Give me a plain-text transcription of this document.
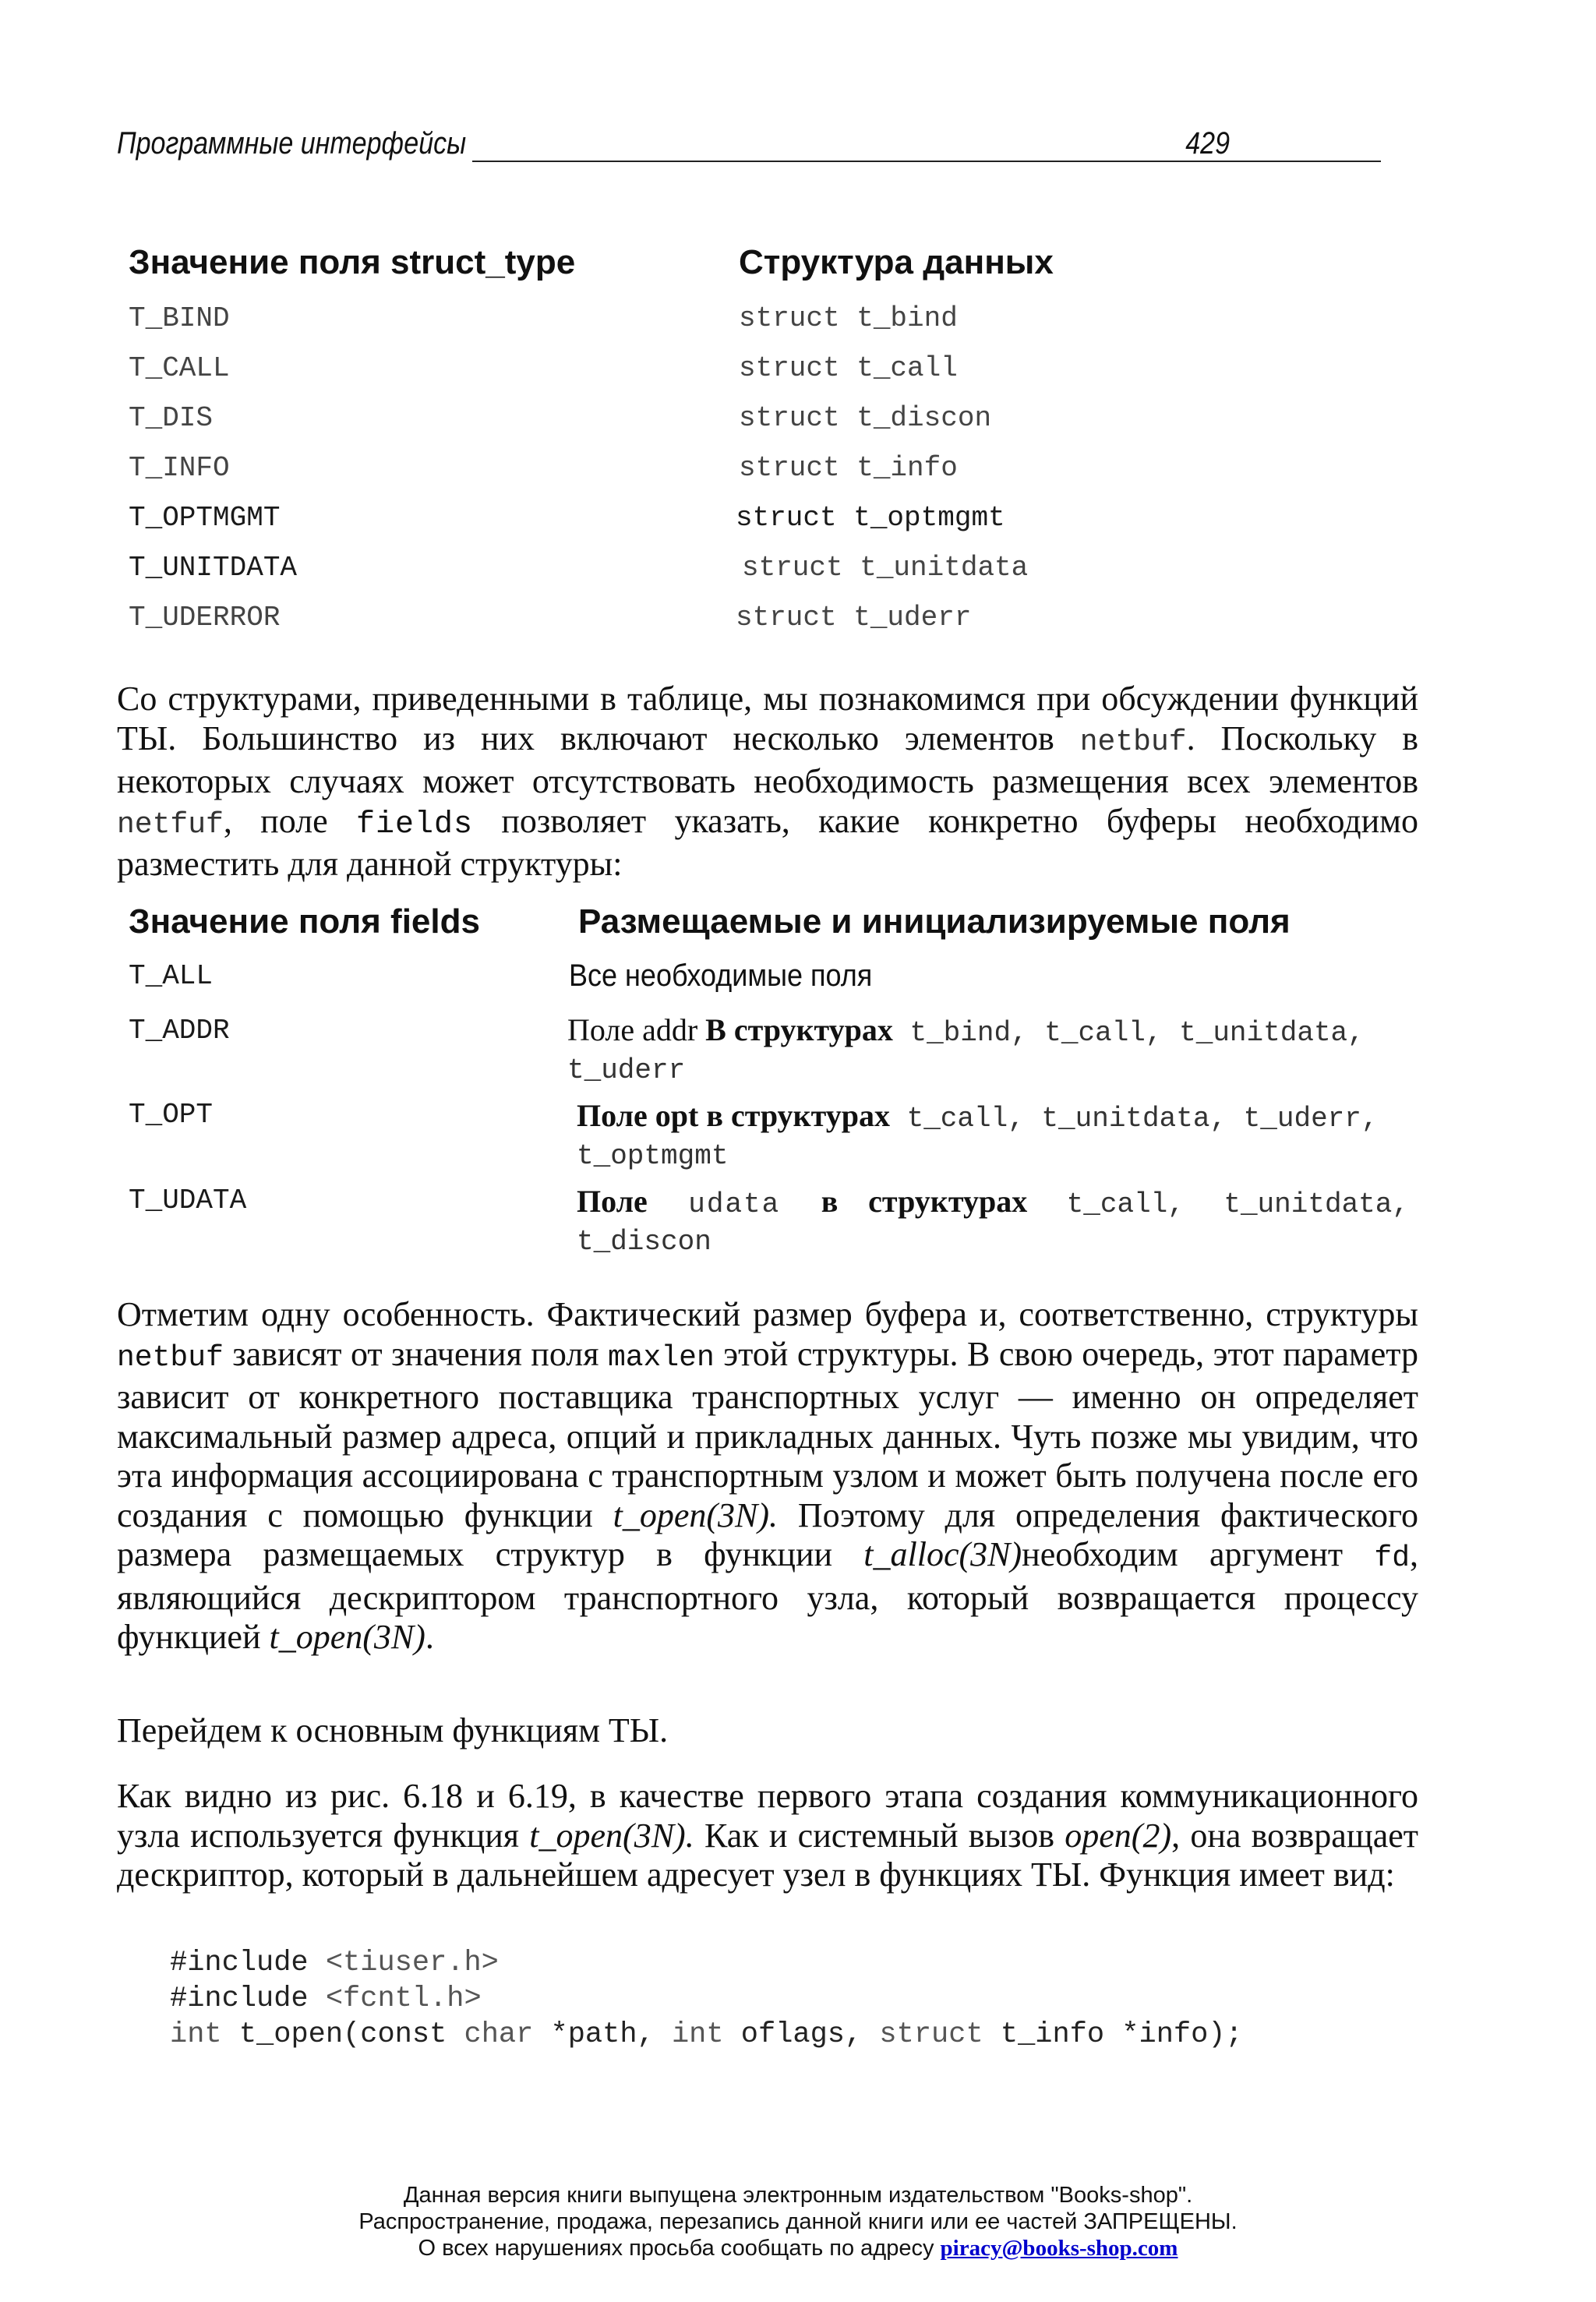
Программные интерфейсы	429
Значение поля struct_type	Структура данных
T_BIND	struct t_bind
T_CALL	struct t_call
T_DIS	struct t_discon
T_INFO	struct t_info
T_OPTMGMT	struct t_optmgmt
T_UNITDATA	struct t_unitdata
T_UDERROR	struct t_uderr

Со структурами, приведенными в таблице, мы познакомимся при обсуждении функций ТЫ. Большинство из них включают несколько элементов netbuf. Поскольку в некоторых случаях может отсутствовать необходимость размещения всех элементов netfuf, поле fields позволяет указать, какие конкретно буферы необходимо разместить для данной структуры:

Значение поля fields	Размещаемые и инициализируемые поля
T_ALL	Все необходимые поля
T_ADDR	Поле addr В структурах t_bind, t_call, t_unitdata, t_uderr
T_OPT	Поле opt в структурах t_call, t_unitdata, t_uderr, t_optmgmt
T_UDATA	Поле udata в структурах t_call, t_unitdata, t_discon

Отметим одну особенность. Фактический размер буфера и, соответственно, структуры netbuf зависят от значения поля maxlen этой структуры. В свою очередь, этот параметр зависит от конкретного поставщика транспортных услуг — именно он определяет максимальный размер адреса, опций и прикладных данных. Чуть позже мы увидим, что эта информация ассоциирована с транспортным узлом и может быть получена после его создания с помощью функции t_open(3N). Поэтому для определения фактического размера размещаемых структур в функции t_alloc(3N)необходим аргумент fd, являющийся дескриптором транспортного узла, который возвращается процессу функцией t_open(3N).

Перейдем к основным функциям ТЫ.

Как видно из рис. 6.18 и 6.19, в качестве первого этапа создания коммуникационного узла используется функция t_open(3N). Как и системный вызов open(2), она возвращает дескриптор, который в дальнейшем адресует узел в функциях ТЫ. Функция имеет вид:

#include <tiuser.h>
#include <fcntl.h>
int t_open(const char *path, int oflags, struct t_info *info);
Данная версия книги выпущена электронным издательством "Books-shop".
Распространение, продажа, перезапись данной книги или ее частей ЗАПРЕЩЕНЫ.
О всех нарушениях просьба сообщать по адресу piracy@books-shop.com
